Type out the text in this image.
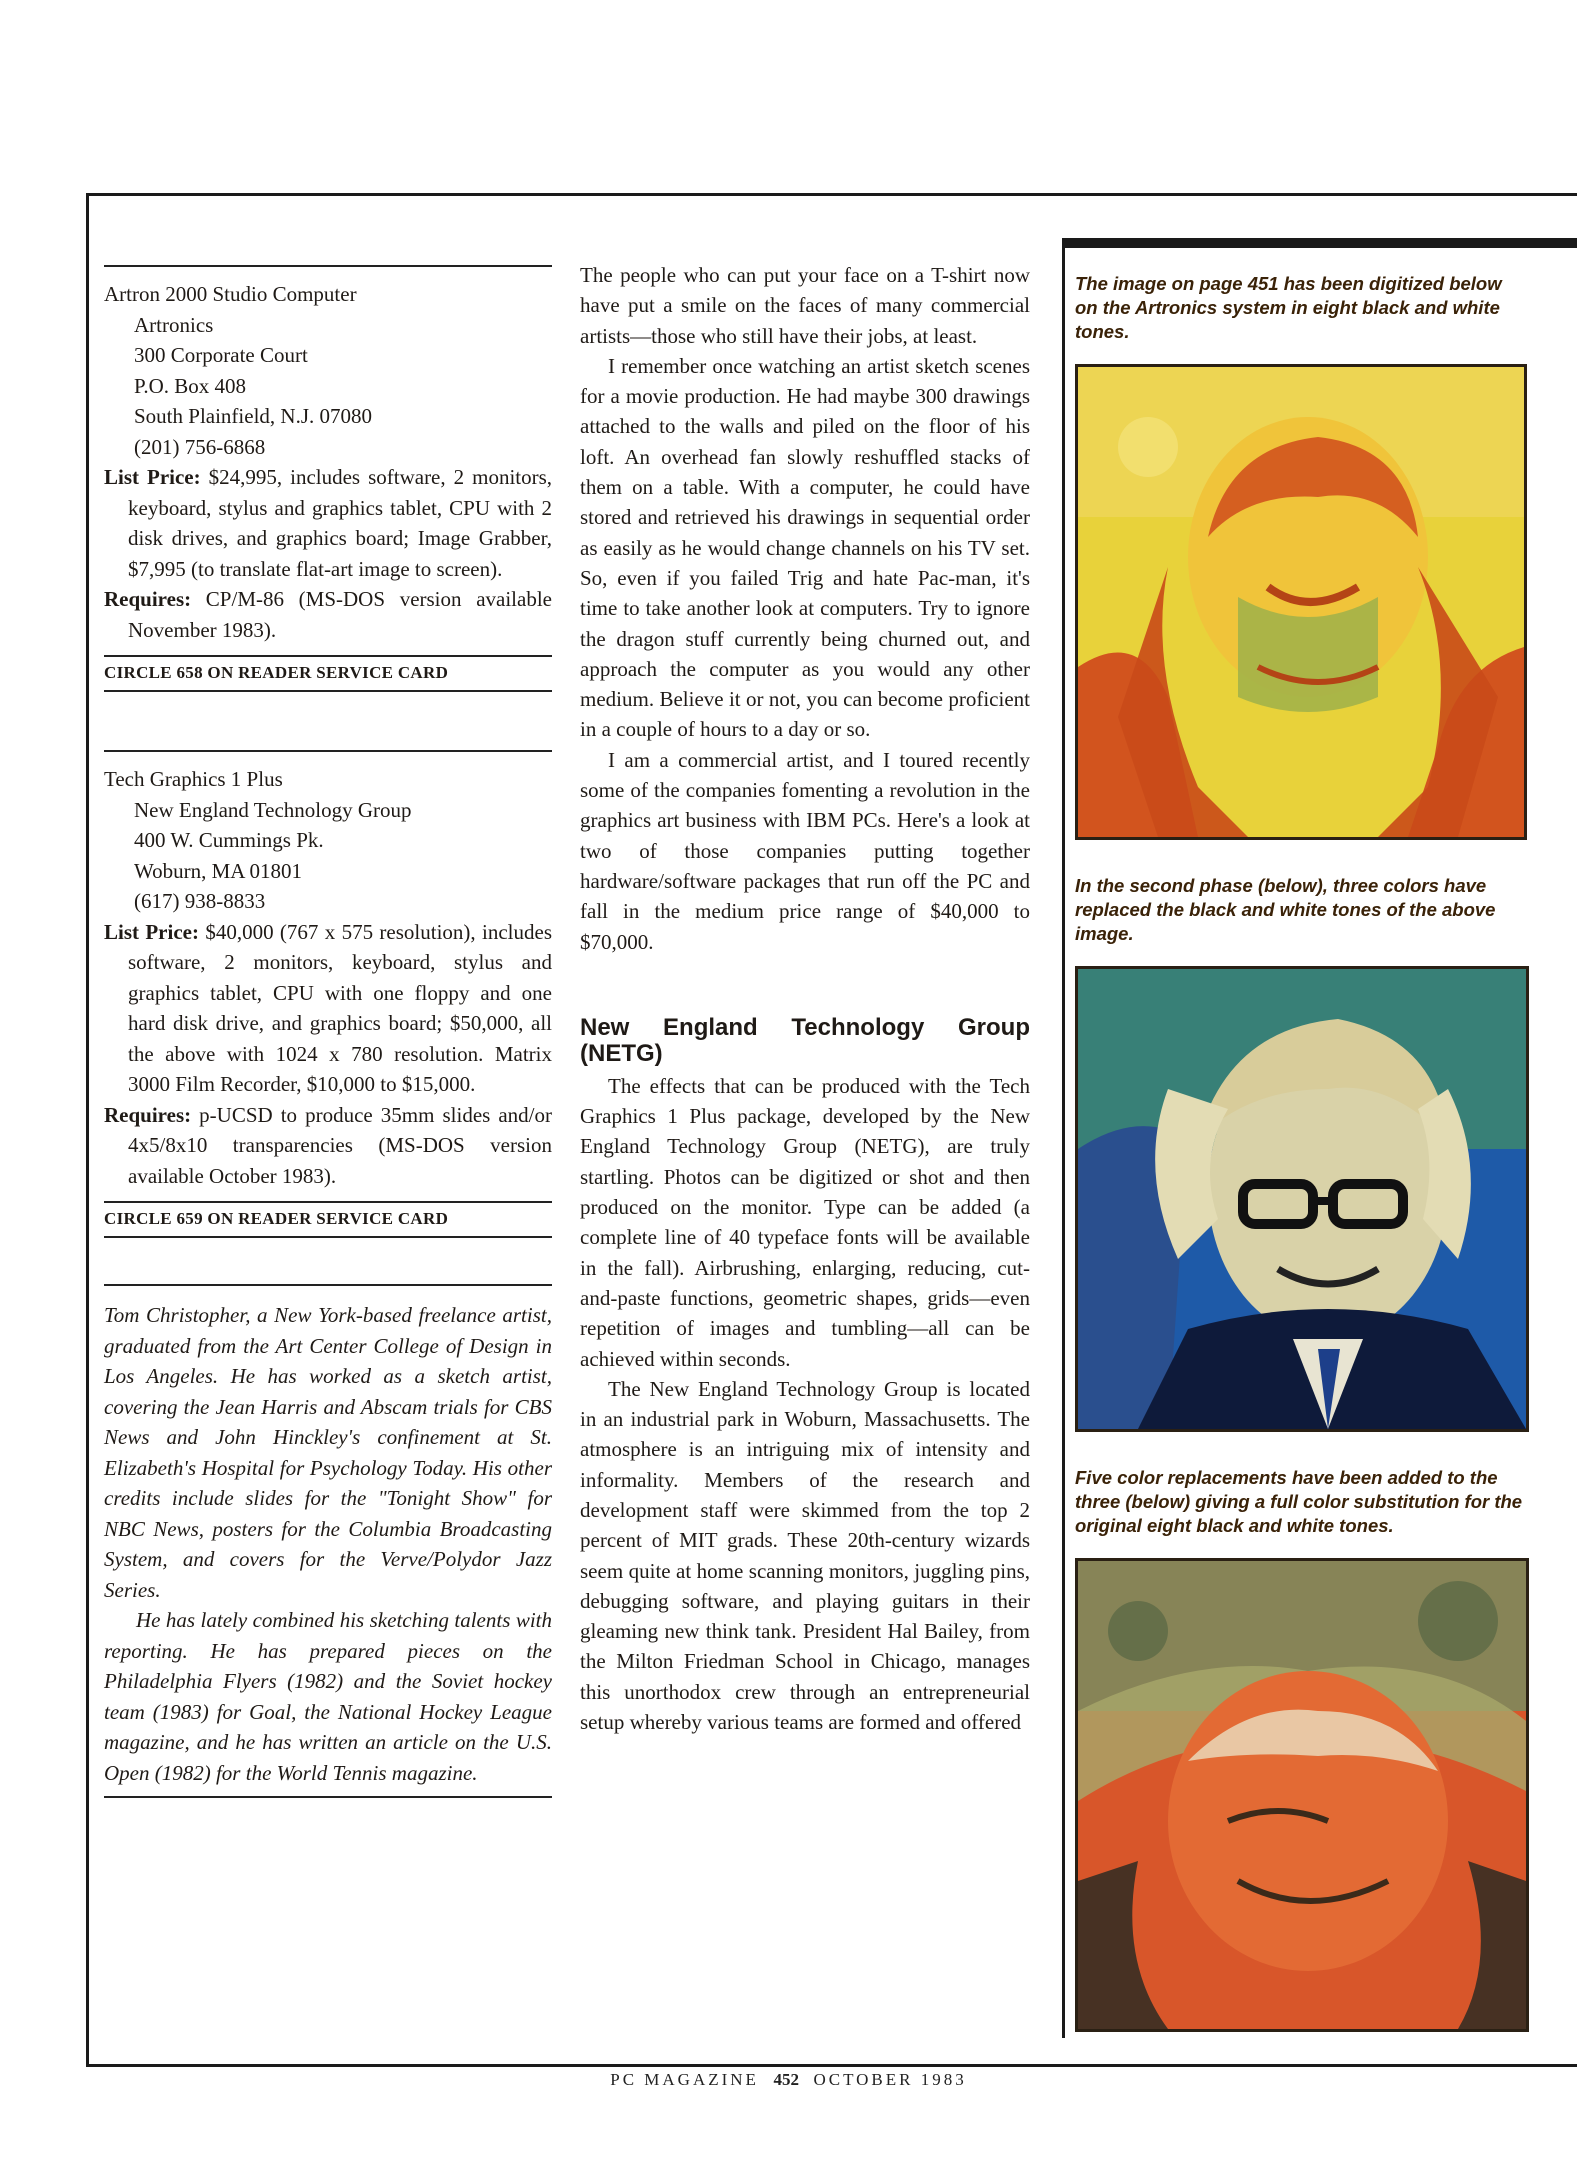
Artron 2000 Studio Computer
Artronics
300 Corporate Court
P.O. Box 408
South Plainfield, N.J. 07080
(201) 756-6868
List Price: $24,995, includes software, 2 monitors, keyboard, stylus and graphics tablet, CPU with 2 disk drives, and graphics board; Image Grabber, $7,995 (to translate flat-art image to screen).
Requires: CP/M-86 (MS-DOS version available November 1983).
CIRCLE 658 ON READER SERVICE CARD
Tech Graphics 1 Plus
New England Technology Group
400 W. Cummings Pk.
Woburn, MA 01801
(617) 938-8833
List Price: $40,000 (767 x 575 resolution), includes software, 2 monitors, keyboard, stylus and graphics tablet, CPU with one floppy and one hard disk drive, and graphics board; $50,000, all the above with 1024 x 780 resolution. Matrix 3000 Film Recorder, $10,000 to $15,000.
Requires: p-UCSD to produce 35mm slides and/or 4x5/8x10 transparencies (MS-DOS version available October 1983).
CIRCLE 659 ON READER SERVICE CARD

Tom Christopher, a New York-based freelance artist, graduated from the Art Center College of Design in Los Angeles. He has worked as a sketch artist, covering the Jean Harris and Abscam trials for CBS News and John Hinckley's confinement at St. Elizabeth's Hospital for Psychology Today. His other credits include slides for the "Tonight Show" for NBC News, posters for the Columbia Broadcasting System, and covers for the Verve/Polydor Jazz Series.

He has lately combined his sketching talents with reporting. He has prepared pieces on the Philadelphia Flyers (1982) and the Soviet hockey team (1983) for Goal, the National Hockey League magazine, and he has written an article on the U.S. Open (1982) for the World Tennis magazine.

The people who can put your face on a T-shirt now have put a smile on the faces of many commercial artists—those who still have their jobs, at least.

I remember once watching an artist sketch scenes for a movie production. He had maybe 300 drawings attached to the walls and piled on the floor of his loft. An overhead fan slowly reshuffled stacks of them on a table. With a computer, he could have stored and retrieved his drawings in sequential order as easily as he would change channels on his TV set. So, even if you failed Trig and hate Pac-man, it's time to take another look at computers. Try to ignore the dragon stuff currently being churned out, and approach the computer as you would any other medium. Believe it or not, you can become proficient in a couple of hours to a day or so.

I am a commercial artist, and I toured recently some of the companies fomenting a revolution in the graphics art business with IBM PCs. Here's a look at two of those companies putting together hardware/software packages that run off the PC and fall in the medium price range of $40,000 to $70,000.

New England Technology Group (NETG)

The effects that can be produced with the Tech Graphics 1 Plus package, developed by the New England Technology Group (NETG), are truly startling. Photos can be digitized or shot and then produced on the monitor. Type can be added (a complete line of 40 typeface fonts will be available in the fall). Airbrushing, enlarging, reducing, cut-and-paste functions, geometric shapes, grids—even repetition of images and tumbling—all can be achieved within seconds.

The New England Technology Group is located in an industrial park in Woburn, Massachusetts. The atmosphere is an intriguing mix of intensity and informality. Members of the research and development staff were skimmed from the top 2 percent of MIT grads. These 20th-century wizards seem quite at home scanning monitors, juggling pins, debugging software, and playing guitars in their gleaming new think tank. President Hal Bailey, from the Milton Friedman School in Chicago, manages this unorthodox crew through an entrepreneurial setup whereby various teams are formed and offered

The image on page 451 has been digitized below on the Artronics system in eight black and white tones.
In the second phase (below), three colors have replaced the black and white tones of the above image.
Five color replacements have been added to the three (below) giving a full color substitution for the original eight black and white tones.
PC MAGAZINE 452 OCTOBER 1983
